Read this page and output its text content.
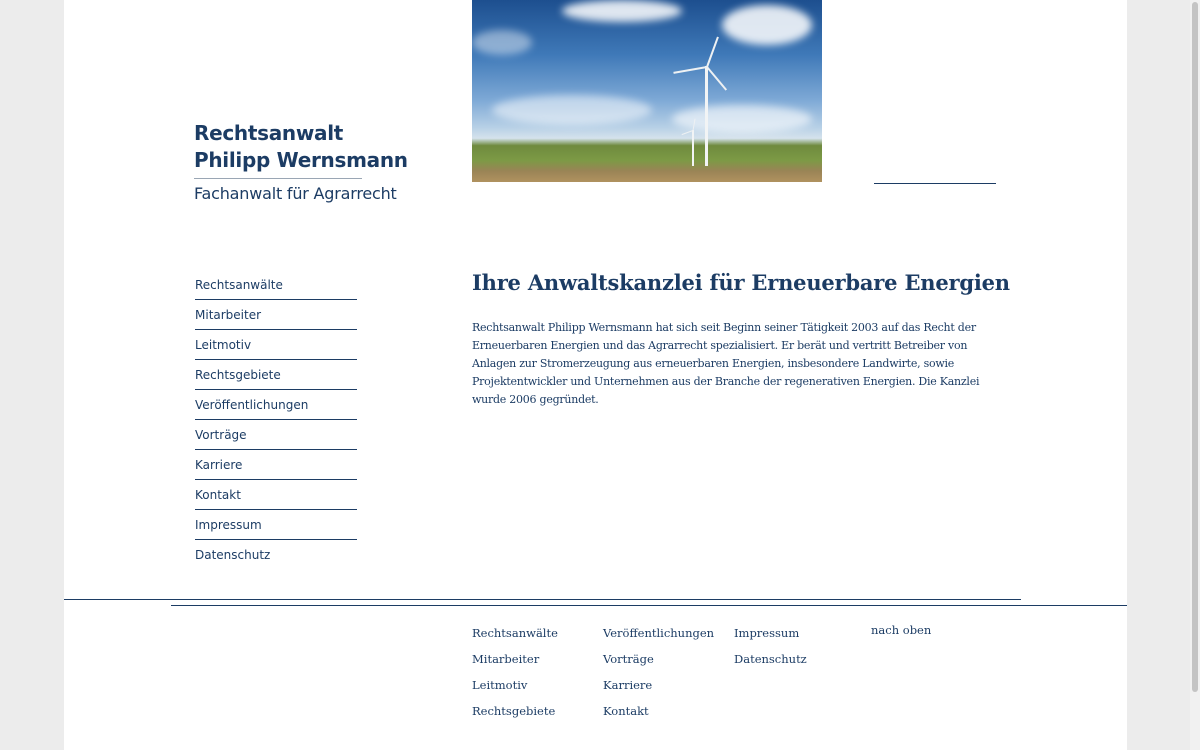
Rechtsanwalt
Philipp Wernsmann
Fachanwalt für Agrarrecht
Rechtsanwälte
Mitarbeiter
Leitmotiv
Rechtsgebiete
Veröffentlichungen
Vorträge
Karriere
Kontakt
Impressum
Datenschutz
Ihre Anwaltskanzlei für Erneuerbare Energien

Rechtsanwalt Philipp Wernsmann hat sich seit Beginn seiner Tätigkeit 2003 auf das Recht der Erneuerbaren Energien und das Agrarrecht spezialisiert. Er berät und vertritt Betreiber von Anlagen zur Stromerzeugung aus erneuerbaren Energien, insbesondere Landwirte, sowie Projektentwickler und Unternehmen aus der Branche der regenerativen Energien. Die Kanzlei wurde 2006 gegründet.

Rechtsanwälte
Mitarbeiter
Leitmotiv
Rechtsgebiete
Veröffentlichungen
Vorträge
Karriere
Kontakt
Impressum
Datenschutz
nach oben
